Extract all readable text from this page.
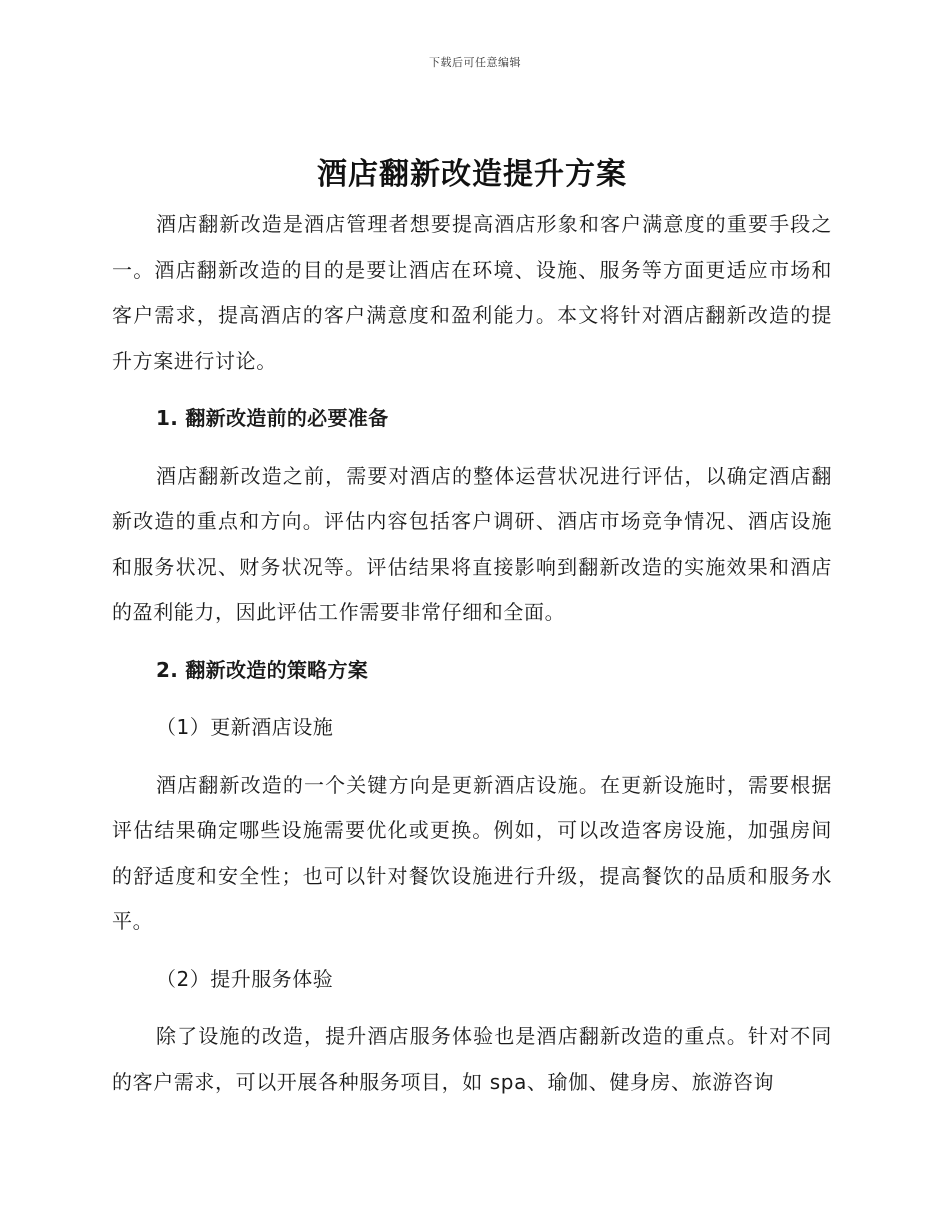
下载后可任意编辑
酒店翻新改造提升方案

酒店翻新改造是酒店管理者想要提高酒店形象和客户满意度的重要手段之一。酒店翻新改造的目的是要让酒店在环境、设施、服务等方面更适应市场和客户需求，提高酒店的客户满意度和盈利能力。本文将针对酒店翻新改造的提升方案进行讨论。

1. 翻新改造前的必要准备

酒店翻新改造之前，需要对酒店的整体运营状况进行评估，以确定酒店翻新改造的重点和方向。评估内容包括客户调研、酒店市场竞争情况、酒店设施和服务状况、财务状况等。评估结果将直接影响到翻新改造的实施效果和酒店的盈利能力，因此评估工作需要非常仔细和全面。

2. 翻新改造的策略方案
（1）更新酒店设施

酒店翻新改造的一个关键方向是更新酒店设施。在更新设施时，需要根据评估结果确定哪些设施需要优化或更换。例如，可以改造客房设施，加强房间的舒适度和安全性；也可以针对餐饮设施进行升级，提高餐饮的品质和服务水平。

（2）提升服务体验

除了设施的改造，提升酒店服务体验也是酒店翻新改造的重点。针对不同的客户需求，可以开展各种服务项目，如 spa、瑜伽、健身房、旅游咨询
